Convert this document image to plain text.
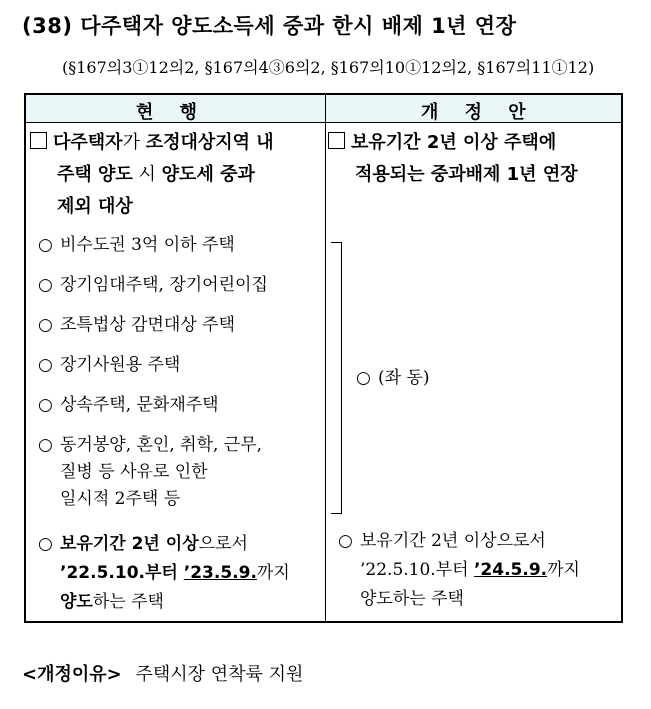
(38) 다주택자 양도소득세 중과 한시 배제 1년 연장
(§167의3①12의2, §167의4③6의2, §167의10①12의2, §167의11①12)
현 행	개 정 안
다주택자가 조정대상지역 내
주택 양도 시 양도세 중과
제외 대상
○ 비수도권 3억 이하 주택
○ 장기임대주택, 장기어린이집
○ 조특법상 감면대상 주택
○ 장기사원용 주택
○ 상속주택, 문화재주택
○ 동거봉양, 혼인, 취학, 근무,
질병 등 사유로 인한
일시적 2주택 등
○ 보유기간 2년 이상으로서
’22.5.10.부터 ’23.5.9.까지
양도하는 주택
보유기간 2년 이상 주택에
적용되는 중과배제 1년 연장
○ (좌 동)
○ 보유기간 2년 이상으로서
’22.5.10.부터 ’24.5.9.까지
양도하는 주택
<개정이유> 주택시장 연착륙 지원
